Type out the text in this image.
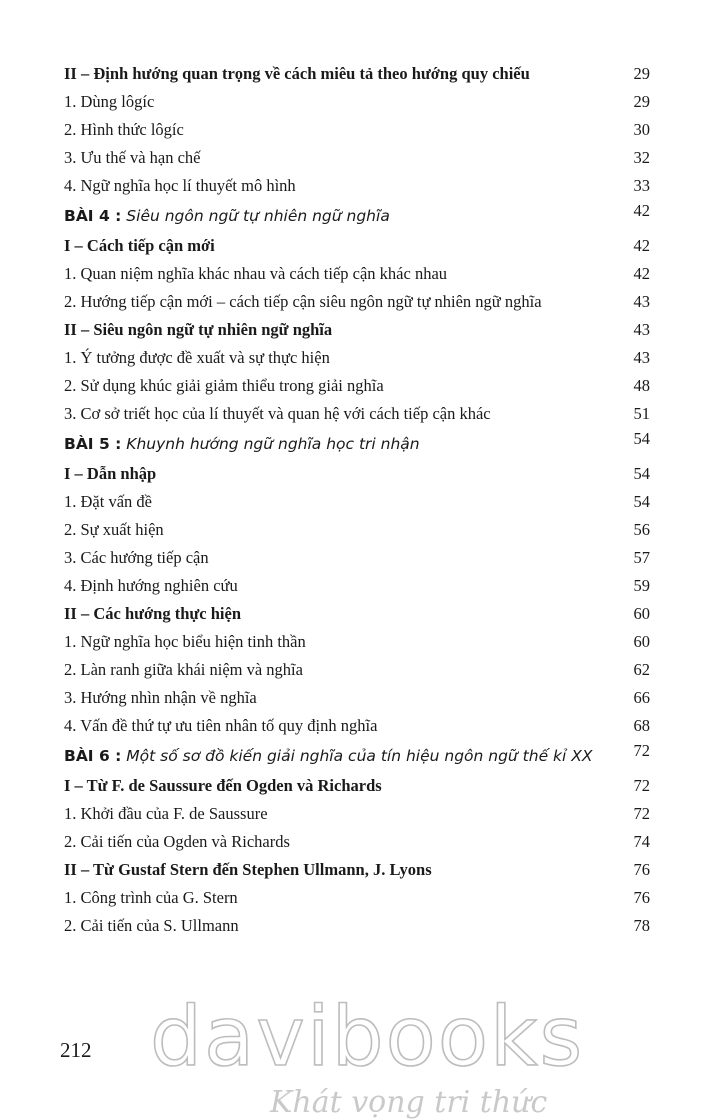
II – Định hướng quan trọng về cách miêu tả theo hướng quy chiếu	29
1. Dùng lôgíc	29
2. Hình thức lôgíc	30
3. Ưu thế và hạn chế	32
4. Ngữ nghĩa học lí thuyết mô hình	33
BÀI 4 : Siêu ngôn ngữ tự nhiên ngữ nghĩa	42
I – Cách tiếp cận mới	42
1. Quan niệm nghĩa khác nhau và cách tiếp cận khác nhau	42
2. Hướng tiếp cận mới – cách tiếp cận siêu ngôn ngữ tự nhiên ngữ nghĩa	43
II – Siêu ngôn ngữ tự nhiên ngữ nghĩa	43
1. Ý tưởng được đề xuất và sự thực hiện	43
2. Sử dụng khúc giải giảm thiểu trong giải nghĩa	48
3. Cơ sở triết học của lí thuyết và quan hệ với cách tiếp cận khác	51
BÀI 5 : Khuynh hướng ngữ nghĩa học tri nhận	54
I – Dẫn nhập	54
1. Đặt vấn đề	54
2. Sự xuất hiện	56
3. Các hướng tiếp cận	57
4. Định hướng nghiên cứu	59
II – Các hướng thực hiện	60
1. Ngữ nghĩa học biểu hiện tinh thần	60
2. Làn ranh giữa khái niệm và nghĩa	62
3. Hướng nhìn nhận về nghĩa	66
4. Vấn đề thứ tự ưu tiên nhân tố quy định nghĩa	68
BÀI 6 : Một số sơ đồ kiến giải nghĩa của tín hiệu ngôn ngữ thế kỉ XX	72
I – Từ F. de Saussure đến Ogden và Richards	72
1. Khởi đầu của F. de Saussure	72
2. Cải tiến của Ogden và Richards	74
II – Từ Gustaf Stern đến Stephen Ullmann, J. Lyons	76
1. Công trình của G. Stern	76
2. Cải tiến của S. Ullmann	78
212 davibooks
Khát vọng tri thức
